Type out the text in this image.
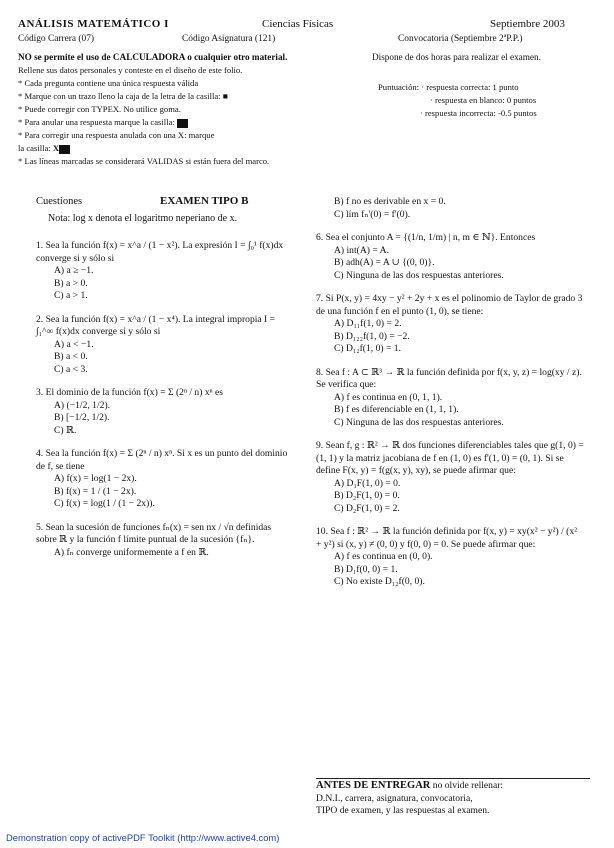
ANÁLISIS MATEMÁTICO I	Ciencias Físicas	Septiembre 2003
Código Carrera (07)	Código Asignatura (121)	Convocatoria (Septiembre 2ªP.P.)
NO se permite el uso de CALCULADORA o cualquier otro material.	Dispone de dos horas para realizar el examen.
Rellene sus datos personales y conteste en el diseño de este folio.
* Cada pregunta contiene una única respuesta válida
* Marque con un trazo lleno la caja de la letra de la casilla: ■
* Puede corregir con TYPEX. No utilice goma.
* Para anular una respuesta marque la casilla:
* Para corregir una respuesta anulada con una X: marque
la casilla: X
* Las líneas marcadas se considerará VALIDAS si están fuera del marco.
Puntuación: · respuesta correcta: 1 punto
· respuesta en blanco: 0 puntos
· respuesta incorrecta: -0.5 puntos
Cuestiones	EXAMEN TIPO B
Nota: log x denota el logaritmo neperiano de x.
1. Sea la función f(x) = x^a / (1 − x²). La expresión I = ∫₀¹ f(x)dx converge si y sólo si
A) a ≥ −1.
B) a > 0.
C) a > 1.
2. Sea la función f(x) = x^a / (1 − x⁴). La integral impropia I = ∫₁^∞ f(x)dx converge si y sólo si
A) a < −1.
B) a < 0.
C) a < 3.
3. El dominio de la función f(x) = Σ (2ⁿ / n) xⁿ es
A) (−1/2, 1/2).
B) [−1/2, 1/2).
C) ℝ.
4. Sea la función f(x) = Σ (2ⁿ / n) xⁿ. Si x es un punto del dominio de f, se tiene
A) f(x) = log(1 − 2x).
B) f(x) = 1 / (1 − 2x).
C) f(x) = log(1 / (1 − 2x)).
5. Sean la sucesión de funciones fₙ(x) = sen nx / √n definidas sobre ℝ y la función f límite puntual de la sucesión {fₙ}.
A) fₙ converge uniformemente a f en ℝ.
B) f no es derivable en x = 0.
C) lím fₙ'(0) = f'(0).
6. Sea el conjunto A = {(1/n, 1/m) | n, m ∈ ℕ}. Entonces
A) int(A) = A.
B) adh(A) = A ∪ {(0, 0)}.
C) Ninguna de las dos respuestas anteriores.
7. Si P(x, y) = 4xy − y² + 2y + x es el polinomio de Taylor de grado 3 de una función f en el punto (1, 0), se tiene:
A) D₁₁f(1, 0) = 2.
B) D₁₂₂f(1, 0) = −2.
C) D₁₂f(1, 0) = 1.
8. Sea f : A ⊂ ℝ³ → ℝ la función definida por f(x, y, z) = log(xy / z). Se verifica que:
A) f es continua en (0, 1, 1).
B) f es diferenciable en (1, 1, 1).
C) Ninguna de las dos respuestas anteriores.
9. Sean f, g : ℝ² → ℝ dos funciones diferenciables tales que g(1, 0) = (1, 1) y la matriz jacobiana de f en (1, 0) es f'(1, 0) = (0, 1). Si se define F(x, y) = f(g(x, y), xy), se puede afirmar que:
A) D₁F(1, 0) = 0.
B) D₂F(1, 0) = 0.
C) D₂F(1, 0) = 2.
10. Sea f : ℝ² → ℝ la función definida por f(x, y) = xy(x² − y²) / (x² + y²) si (x, y) ≠ (0, 0) y f(0, 0) = 0. Se puede afirmar que:
A) f es continua en (0, 0).
B) D₁f(0, 0) = 1.
C) No existe D₁₂f(0, 0).
ANTES DE ENTREGAR no olvide rellenar:
D.N.I., carrera, asignatura, convocatoria,
TIPO de examen, y las respuestas al examen.
Demonstration copy of activePDF Toolkit (http://www.active4.com)
